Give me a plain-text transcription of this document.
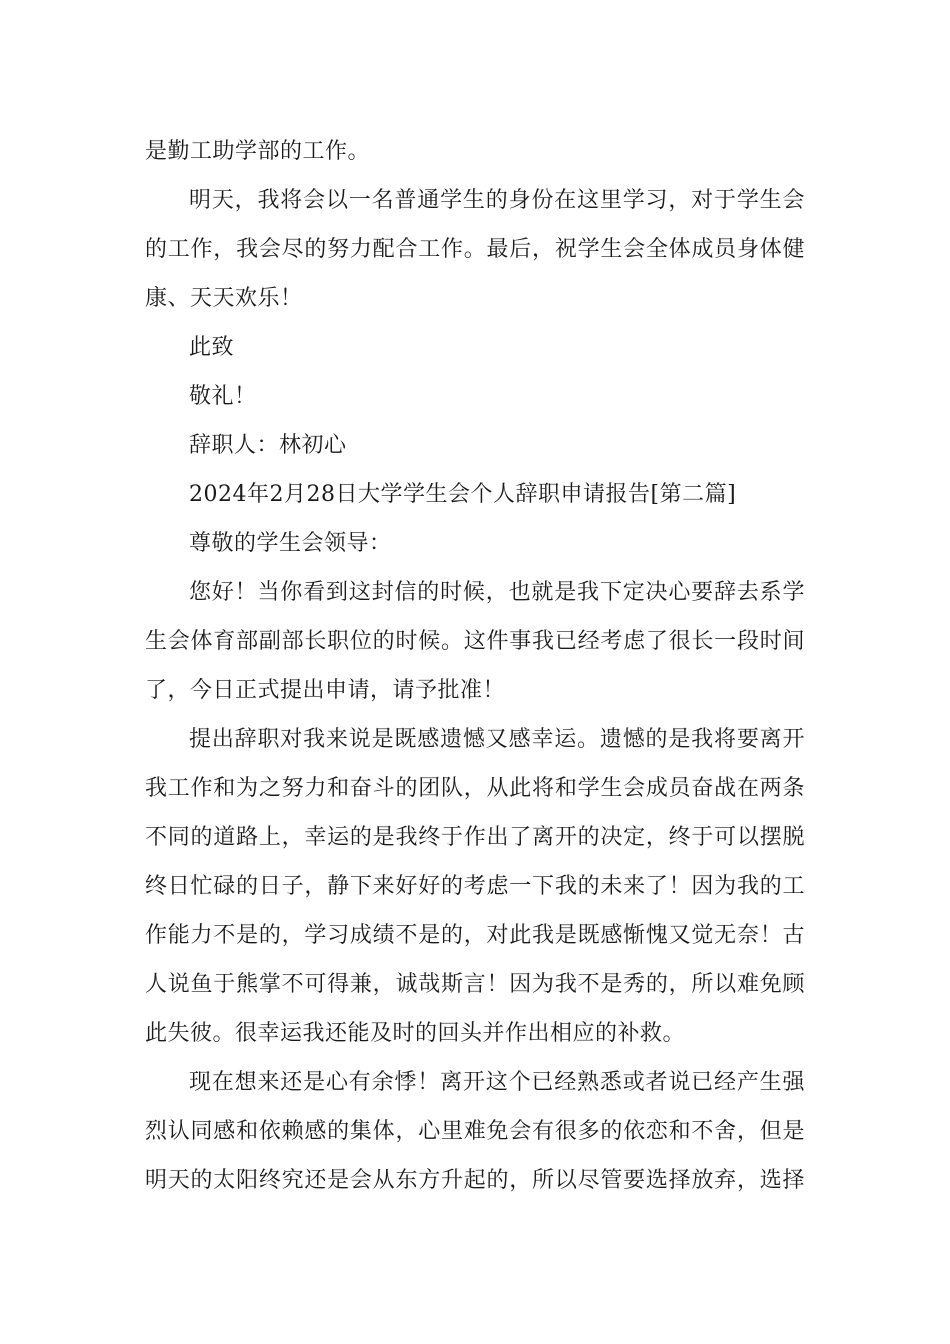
是勤工助学部的工作。
明天，我将会以一名普通学生的身份在这里学习，对于学生会
的工作，我会尽的努力配合工作。最后，祝学生会全体成员身体健
康、天天欢乐！
此致
敬礼！
辞职人：林初心
2024年2月28日大学学生会个人辞职申请报告[第二篇]
尊敬的学生会领导：
您好！当你看到这封信的时候，也就是我下定决心要辞去系学
生会体育部副部长职位的时候。这件事我已经考虑了很长一段时间
了，今日正式提出申请，请予批准！
提出辞职对我来说是既感遗憾又感幸运。遗憾的是我将要离开
我工作和为之努力和奋斗的团队，从此将和学生会成员奋战在两条
不同的道路上，幸运的是我终于作出了离开的决定，终于可以摆脱
终日忙碌的日子，静下来好好的考虑一下我的未来了！因为我的工
作能力不是的，学习成绩不是的，对此我是既感惭愧又觉无奈！古
人说鱼于熊掌不可得兼，诚哉斯言！因为我不是秀的，所以难免顾
此失彼。很幸运我还能及时的回头并作出相应的补救。
现在想来还是心有余悸！离开这个已经熟悉或者说已经产生强
烈认同感和依赖感的集体，心里难免会有很多的依恋和不舍，但是
明天的太阳终究还是会从东方升起的，所以尽管要选择放弃，选择
